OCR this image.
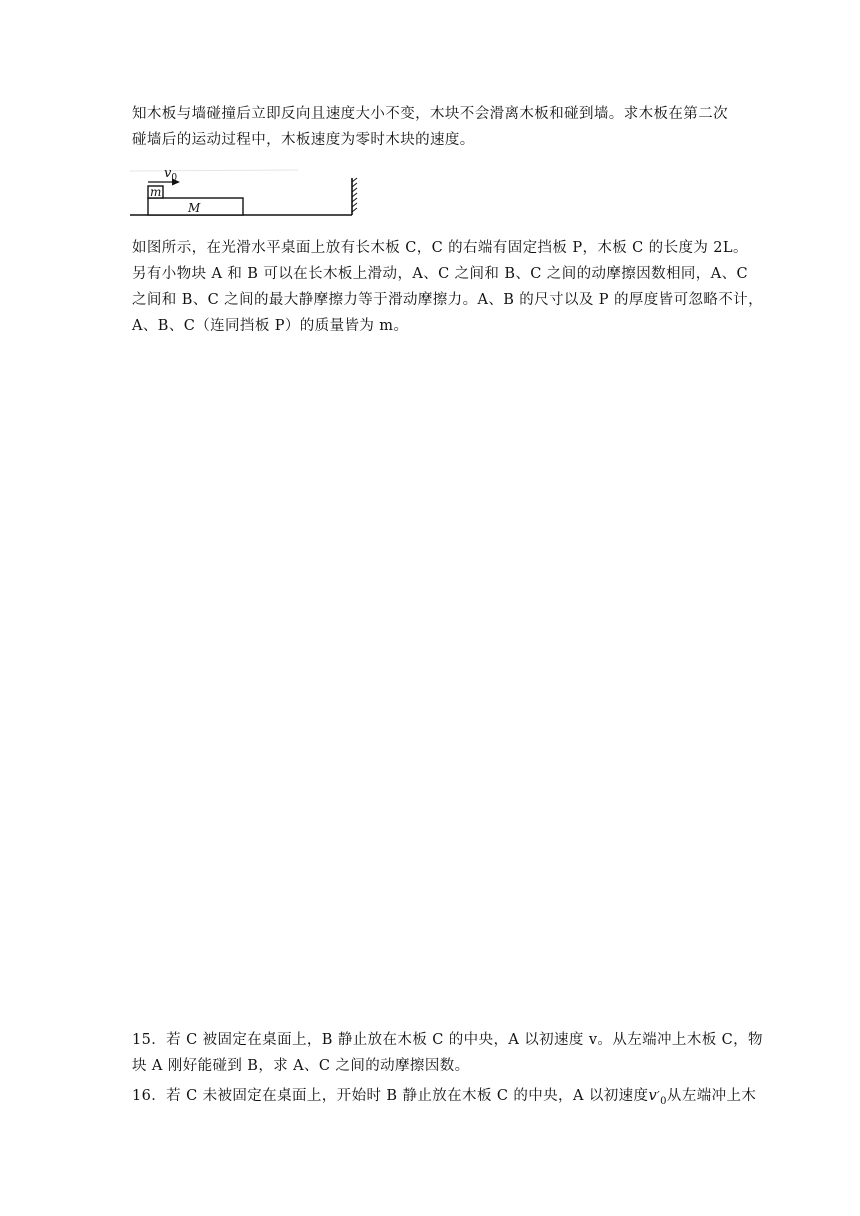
知木板与墙碰撞后立即反向且速度大小不变，木块不会滑离木板和碰到墙。求木板在第二次
碰墙后的运动过程中，木板速度为零时木块的速度。
$v_0$
m
M
如图所示，在光滑水平桌面上放有长木板 C，C 的右端有固定挡板 P，木板 C 的长度为 2L。
另有小物块 A 和 B 可以在长木板上滑动，A、C 之间和 B、C 之间的动摩擦因数相同，A、C
之间和 B、C 之间的最大静摩擦力等于滑动摩擦力。A、B 的尺寸以及 P 的厚度皆可忽略不计，
A、B、C（连同挡板 P）的质量皆为 m。
15．若 C 被固定在桌面上，B 静止放在木板 C 的中央，A 以初速度 v。从左端冲上木板 C，物
块 A 刚好能碰到 B，求 A、C 之间的动摩擦因数。
16．若 C 未被固定在桌面上，开始时 B 静止放在木板 C 的中央，A 以初速度$v'_0$从左端冲上木
